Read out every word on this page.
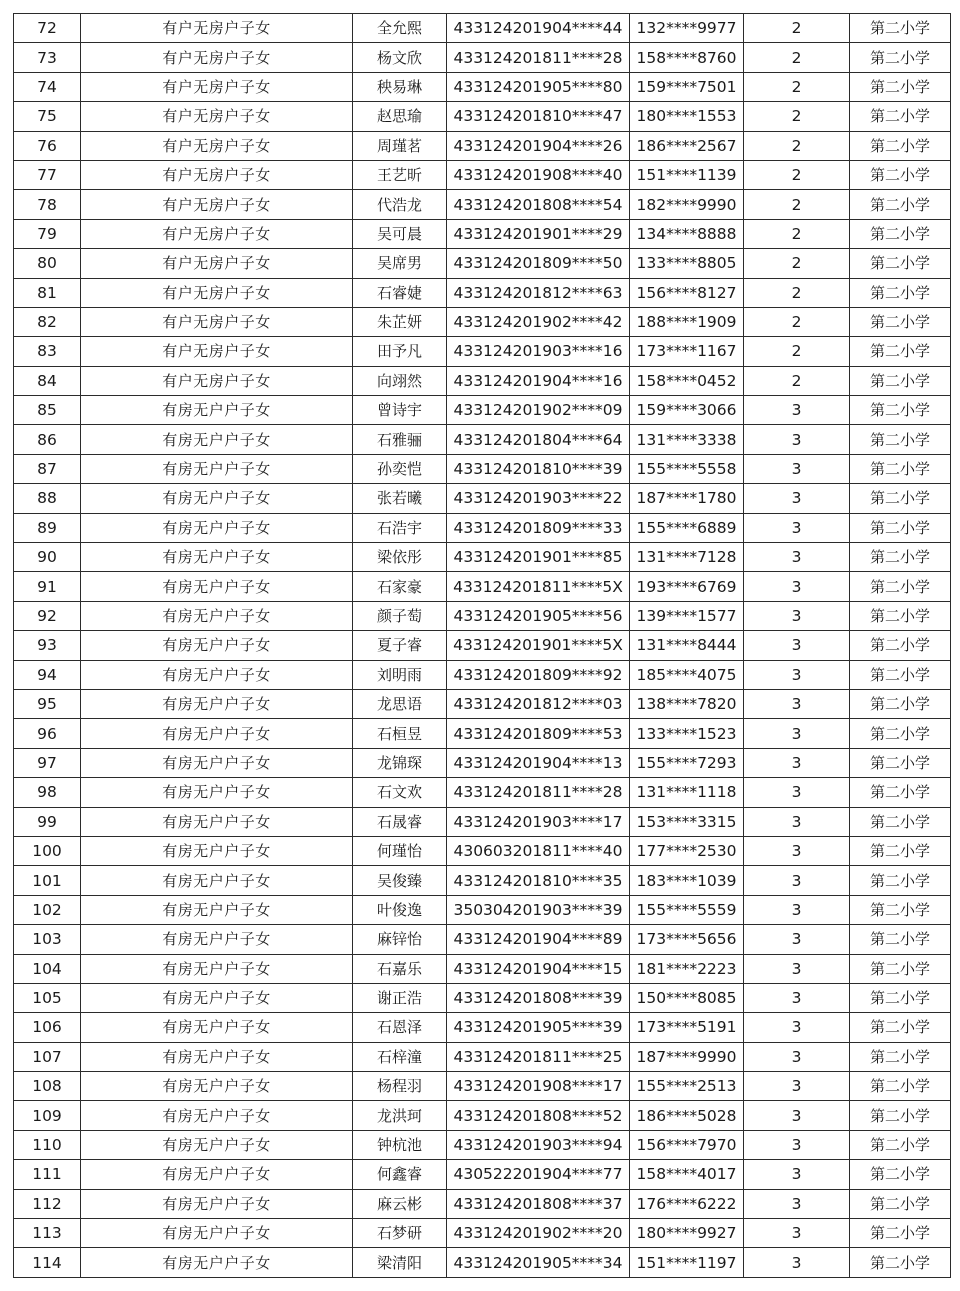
72	有户无房户子女	全允熙	433124201904****44	132****9977	2	第二小学
73	有户无房户子女	杨文欣	433124201811****28	158****8760	2	第二小学
74	有户无房户子女	秧易琳	433124201905****80	159****7501	2	第二小学
75	有户无房户子女	赵思瑜	433124201810****47	180****1553	2	第二小学
76	有户无房户子女	周瑾茗	433124201904****26	186****2567	2	第二小学
77	有户无房户子女	王艺昕	433124201908****40	151****1139	2	第二小学
78	有户无房户子女	代浩龙	433124201808****54	182****9990	2	第二小学
79	有户无房户子女	吴可晨	433124201901****29	134****8888	2	第二小学
80	有户无房户子女	吴席男	433124201809****50	133****8805	2	第二小学
81	有户无房户子女	石睿婕	433124201812****63	156****8127	2	第二小学
82	有户无房户子女	朱芷妍	433124201902****42	188****1909	2	第二小学
83	有户无房户子女	田予凡	433124201903****16	173****1167	2	第二小学
84	有户无房户子女	向翊然	433124201904****16	158****0452	2	第二小学
85	有房无户户子女	曾诗宇	433124201902****09	159****3066	3	第二小学
86	有房无户户子女	石雅骊	433124201804****64	131****3338	3	第二小学
87	有房无户户子女	孙奕恺	433124201810****39	155****5558	3	第二小学
88	有房无户户子女	张若曦	433124201903****22	187****1780	3	第二小学
89	有房无户户子女	石浩宇	433124201809****33	155****6889	3	第二小学
90	有房无户户子女	梁依彤	433124201901****85	131****7128	3	第二小学
91	有房无户户子女	石家豪	433124201811****5X	193****6769	3	第二小学
92	有房无户户子女	颜子萄	433124201905****56	139****1577	3	第二小学
93	有房无户户子女	夏子睿	433124201901****5X	131****8444	3	第二小学
94	有房无户户子女	刘明雨	433124201809****92	185****4075	3	第二小学
95	有房无户户子女	龙思语	433124201812****03	138****7820	3	第二小学
96	有房无户户子女	石桓昱	433124201809****53	133****1523	3	第二小学
97	有房无户户子女	龙锦琛	433124201904****13	155****7293	3	第二小学
98	有房无户户子女	石文欢	433124201811****28	131****1118	3	第二小学
99	有房无户户子女	石晟睿	433124201903****17	153****3315	3	第二小学
100	有房无户户子女	何瑾怡	430603201811****40	177****2530	3	第二小学
101	有房无户户子女	吴俊臻	433124201810****35	183****1039	3	第二小学
102	有房无户户子女	叶俊逸	350304201903****39	155****5559	3	第二小学
103	有房无户户子女	麻锌怡	433124201904****89	173****5656	3	第二小学
104	有房无户户子女	石嘉乐	433124201904****15	181****2223	3	第二小学
105	有房无户户子女	谢正浩	433124201808****39	150****8085	3	第二小学
106	有房无户户子女	石恩泽	433124201905****39	173****5191	3	第二小学
107	有房无户户子女	石梓潼	433124201811****25	187****9990	3	第二小学
108	有房无户户子女	杨程羽	433124201908****17	155****2513	3	第二小学
109	有房无户户子女	龙洪珂	433124201808****52	186****5028	3	第二小学
110	有房无户户子女	钟杭池	433124201903****94	156****7970	3	第二小学
111	有房无户户子女	何鑫睿	430522201904****77	158****4017	3	第二小学
112	有房无户户子女	麻云彬	433124201808****37	176****6222	3	第二小学
113	有房无户户子女	石梦研	433124201902****20	180****9927	3	第二小学
114	有房无户户子女	梁清阳	433124201905****34	151****1197	3	第二小学
